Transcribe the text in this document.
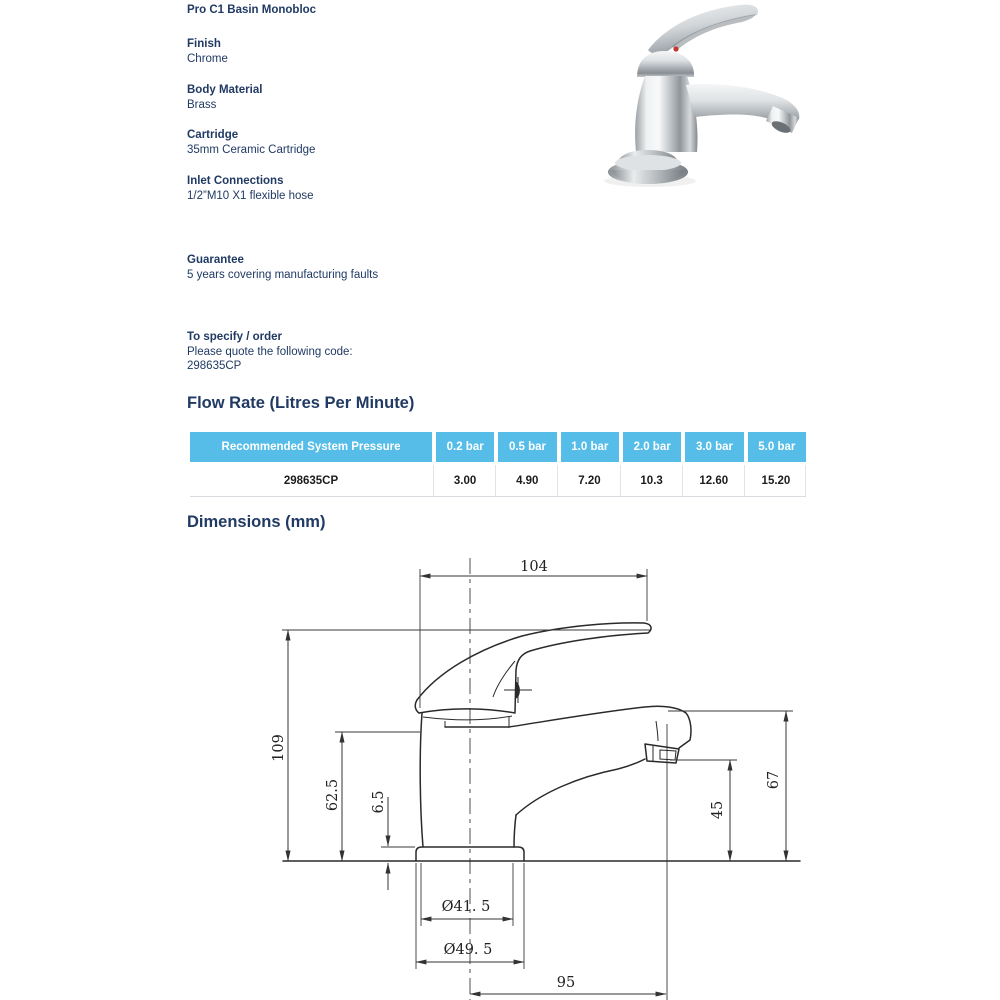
Pro C1 Basin Monobloc
Finish
Chrome
Body Material
Brass
Cartridge
35mm Ceramic Cartridge
Inlet Connections
1/2”M10 X1 flexible hose
Guarantee
5 years covering manufacturing faults
To specify / order
Please quote the following code:
298635CP
Flow Rate (Litres Per Minute)
Recommended System Pressure	0.2 bar	0.5 bar	1.0 bar	2.0 bar	3.0 bar	5.0 bar
298635CP	3.00	4.90	7.20	10.3	12.60	15.20
Dimensions (mm)
104
109
62.5 6.5
Ø41. 5
Ø49. 5
95
45
67
